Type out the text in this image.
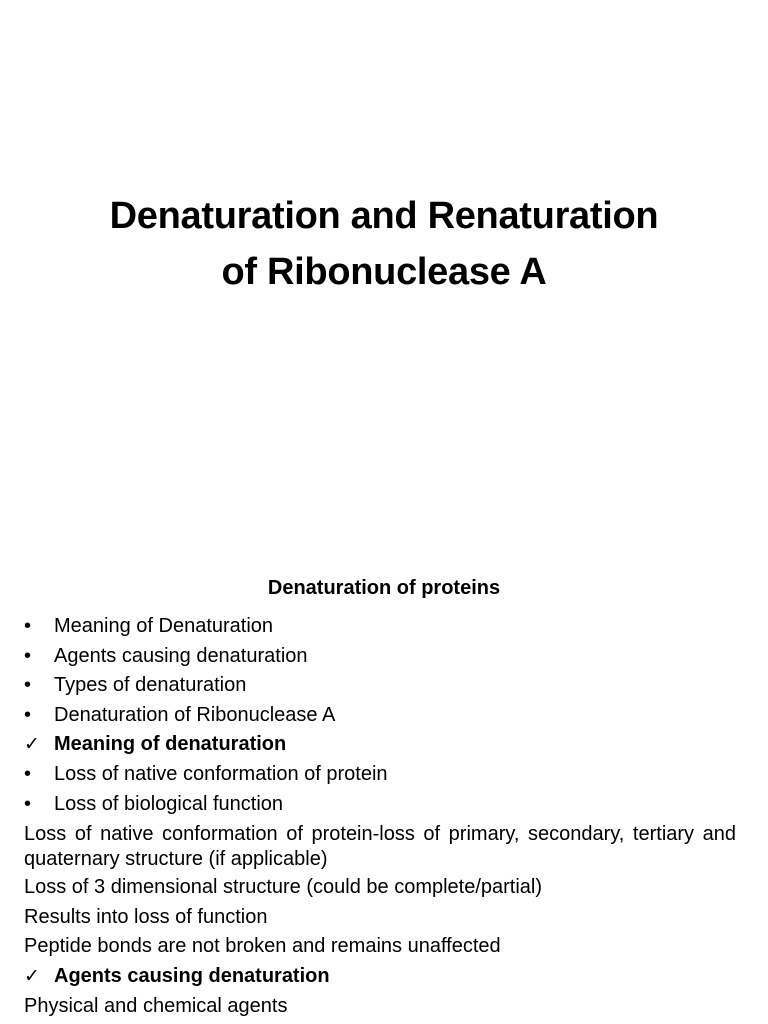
Denaturation and Renaturation
of Ribonuclease A
Denaturation of proteins
•	Meaning of Denaturation
•	Agents causing denaturation
•	Types of denaturation
•	Denaturation of Ribonuclease A
✓ Meaning of denaturation
•	Loss of native conformation of protein
•	Loss of biological function
Loss of native conformation of protein-loss of primary, secondary, tertiary and quaternary structure (if applicable)
Loss of 3 dimensional structure (could be complete/partial)
Results into loss of function
Peptide bonds are not broken and remains unaffected
✓ Agents causing denaturation
Physical and chemical agents
